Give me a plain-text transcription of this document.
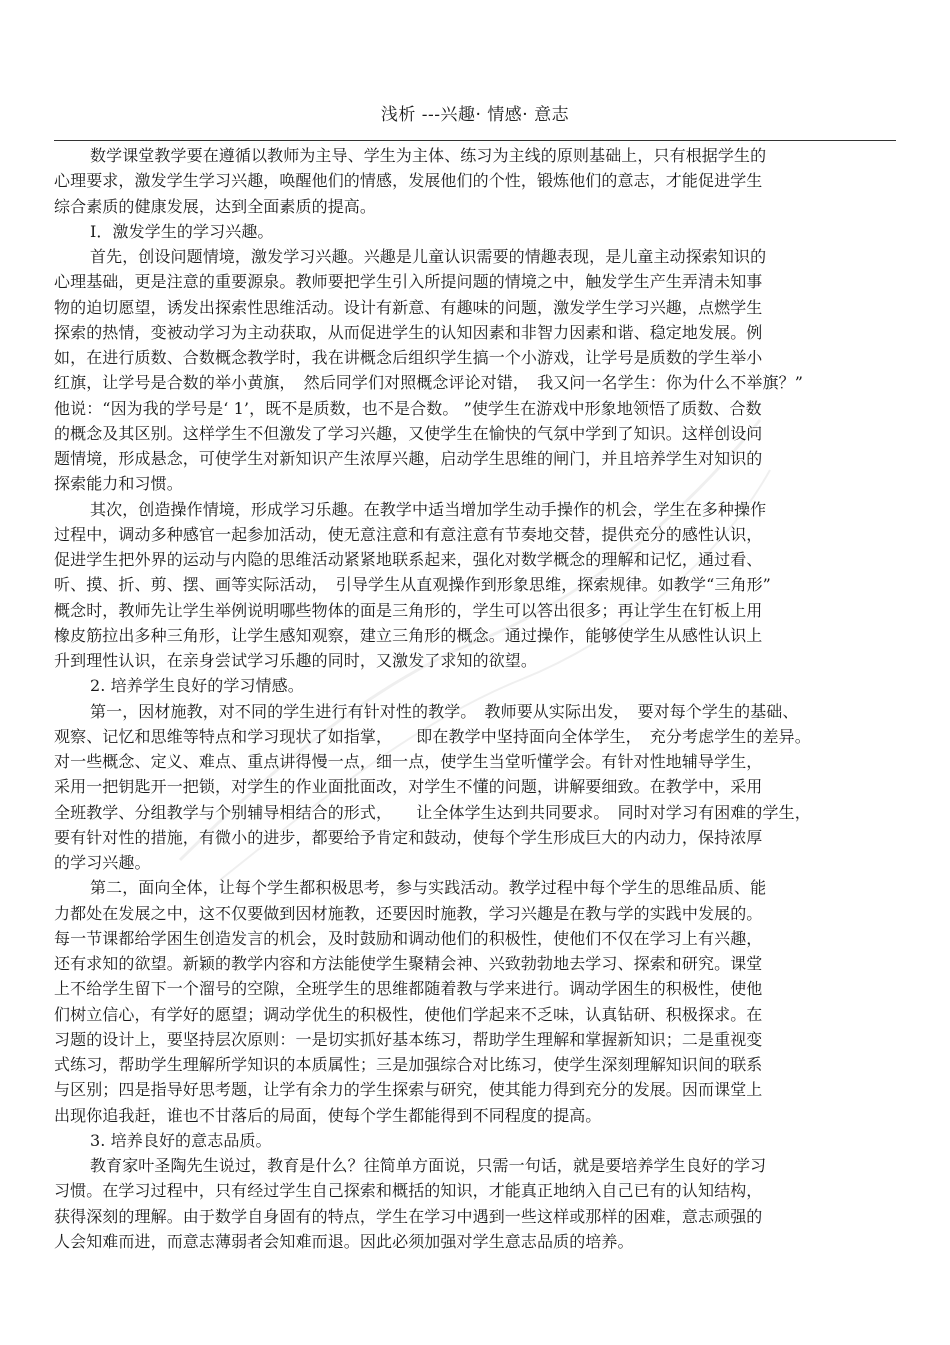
浅析 ---兴趣· 情感· 意志
数学课堂教学要在遵循以教师为主导、学生为主体、练习为主线的原则基础上，只有根据学生的
心理要求，激发学生学习兴趣，唤醒他们的情感，发展他们的个性，锻炼他们的意志，才能促进学生
综合素质的健康发展，达到全面素质的提高。
I．激发学生的学习兴趣。
首先，创设问题情境，激发学习兴趣。兴趣是儿童认识需要的情趣表现，是儿童主动探索知识的
心理基础，更是注意的重要源泉。教师要把学生引入所提问题的情境之中，触发学生产生弄清未知事
物的迫切愿望，诱发出探索性思维活动。设计有新意、有趣味的问题，激发学生学习兴趣，点燃学生
探索的热情，变被动学习为主动获取，从而促进学生的认知因素和非智力因素和谐、稳定地发展。例
如，在进行质数、合数概念教学时，我在讲概念后组织学生搞一个小游戏，让学号是质数的学生举小
红旗，让学号是合数的举小黄旗，　然后同学们对照概念评论对错，　我又问一名学生：你为什么不举旗？”
他说：“因为我的学号是‘ 1’，既不是质数，也不是合数。 ”使学生在游戏中形象地领悟了质数、合数
的概念及其区别。这样学生不但激发了学习兴趣，又使学生在愉快的气氛中学到了知识。这样创设问
题情境，形成悬念，可使学生对新知识产生浓厚兴趣，启动学生思维的闸门，并且培养学生对知识的
探索能力和习惯。
其次，创造操作情境，形成学习乐趣。在教学中适当增加学生动手操作的机会，学生在多种操作
过程中，调动多种感官一起参加活动，使无意注意和有意注意有节奏地交替，提供充分的感性认识，
促进学生把外界的运动与内隐的思维活动紧紧地联系起来，强化对数学概念的理解和记忆，通过看、
听、摸、折、剪、摆、画等实际活动，　引导学生从直观操作到形象思维，探索规律。如教学“三角形”
概念时，教师先让学生举例说明哪些物体的面是三角形的，学生可以答出很多；再让学生在钉板上用
橡皮筋拉出多种三角形，让学生感知观察，建立三角形的概念。通过操作，能够使学生从感性认识上
升到理性认识，在亲身尝试学习乐趣的同时，又激发了求知的欲望。
2. 培养学生良好的学习情感。
第一，因材施教，对不同的学生进行有针对性的教学。　教师要从实际出发，　要对每个学生的基础、
观察、记忆和思维等特点和学习现状了如指掌，　　即在教学中坚持面向全体学生，　充分考虑学生的差异。
对一些概念、定义、难点、重点讲得慢一点，细一点，使学生当堂听懂学会。有针对性地辅导学生，
采用一把钥匙开一把锁，对学生的作业面批面改，对学生不懂的问题，讲解要细致。在教学中，采用
全班教学、分组教学与个别辅导相结合的形式，　　让全体学生达到共同要求。　同时对学习有困难的学生，
要有针对性的措施，有微小的进步，都要给予肯定和鼓动，使每个学生形成巨大的内动力，保持浓厚
的学习兴趣。
第二，面向全体，让每个学生都积极思考，参与实践活动。教学过程中每个学生的思维品质、能
力都处在发展之中，这不仅要做到因材施教，还要因时施教，学习兴趣是在教与学的实践中发展的。
每一节课都给学困生创造发言的机会，及时鼓励和调动他们的积极性，使他们不仅在学习上有兴趣，
还有求知的欲望。新颖的教学内容和方法能使学生聚精会神、兴致勃勃地去学习、探索和研究。课堂
上不给学生留下一个溜号的空隙，全班学生的思维都随着教与学来进行。调动学困生的积极性，使他
们树立信心，有学好的愿望；调动学优生的积极性，使他们学起来不乏味，认真钻研、积极探求。在
习题的设计上，要坚持层次原则：一是切实抓好基本练习，帮助学生理解和掌握新知识；二是重视变
式练习，帮助学生理解所学知识的本质属性；三是加强综合对比练习，使学生深刻理解知识间的联系
与区别；四是指导好思考题，让学有余力的学生探索与研究，使其能力得到充分的发展。因而课堂上
出现你追我赶，谁也不甘落后的局面，使每个学生都能得到不同程度的提高。
3. 培养良好的意志品质。
教育家叶圣陶先生说过，教育是什么？往简单方面说，只需一句话，就是要培养学生良好的学习
习惯。在学习过程中，只有经过学生自己探索和概括的知识，才能真正地纳入自己已有的认知结构，
获得深刻的理解。由于数学自身固有的特点，学生在学习中遇到一些这样或那样的困难，意志顽强的
人会知难而进，而意志薄弱者会知难而退。因此必须加强对学生意志品质的培养。
